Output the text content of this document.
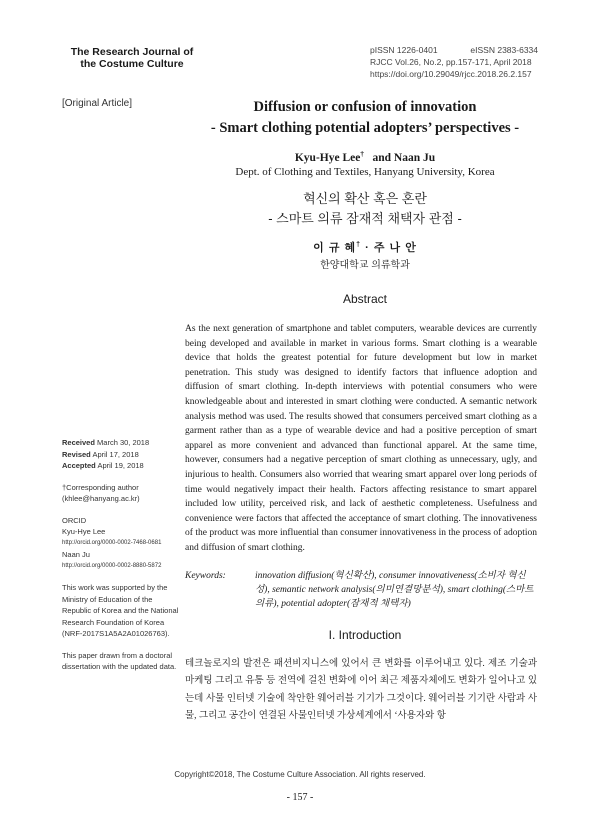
The Research Journal of
the Costume Culture
pISSN 1226-0401	eISSN 2383-6334
RJCC Vol.26, No.2, pp.157-171, April 2018
https://doi.org/10.29049/rjcc.2018.26.2.157
[Original Article]	Diffusion or confusion of innovation
- Smart clothing potential adopters’ perspectives -
Kyu-Hye Lee† and Naan Ju
Dept. of Clothing and Textiles, Hanyang University, Korea
혁신의 확산 혹은 혼란
- 스마트 의류 잠재적 채택자 관점 -
이 규 혜† · 주 나 안
한양대학교 의류학과
Abstract
As the next generation of smartphone and tablet computers, wearable devices are currently being developed and available in market in various forms. Smart clothing is a wearable device that holds the greatest potential for future development but low in market penetration. This study was designed to identify factors that influence adoption and diffusion of smart clothing. In-depth interviews with potential consumers who were knowledgeable about and interested in smart clothing were conducted. A semantic network analysis method was used. The results showed that consumers perceived smart clothing as a garment rather than as a type of wearable device and had a positive perception of smart apparel as more convenient and advanced than functional apparel. At the same time, however, consumers had a negative perception of smart clothing as unnecessary, ugly, and injurious to health. Consumers also worried that wearing smart apparel over long periods of time would negatively impact their health. Factors affecting resistance to smart apparel included low utility, perceived risk, and lack of aesthetic completeness. Usefulness and convenience were factors that affected the acceptance of smart clothing. The innovativeness of the product was more influential than consumer innovativeness in the process of adoption and diffusion of smart clothing.
Keywords:	innovation diffusion(혁신확산), consumer innovativeness(소비자 혁신성), semantic network analysis(의미연결망분석), smart clothing(스마트 의류), potential adopter(잠재적 채택자)
Received March 30, 2018
Revised April 17, 2018
Accepted April 19, 2018
†Corresponding author
(khlee@hanyang.ac.kr)
ORCID
Kyu-Hye Lee
http://orcid.org/0000-0002-7468-0681
Naan Ju
http://orcid.org/0000-0002-8880-5872
This work was supported by the Ministry of Education of the Republic of Korea and the National Research Foundation of Korea (NRF-2017S1A5A2A01026763).
This paper drawn from a doctoral dissertation with the updated data.
I. Introduction
테크놀로지의 발전은 패션비지니스에 있어서 큰 변화를 이루어내고 있다. 제조 기술과 마케팅 그리고 유통 등 전역에 걸친 변화에 이어 최근 제품자체에도 변화가 일어나고 있는데 사물 인터넷 기술에 착안한 웨어러블 기기가 그것이다. 웨어러블 기기란 사람과 사물, 그리고 공간이 연결된 사물인터넷 가상세계에서 ‘사용자와 항
Copyright©2018, The Costume Culture Association. All rights reserved.
- 157 -
